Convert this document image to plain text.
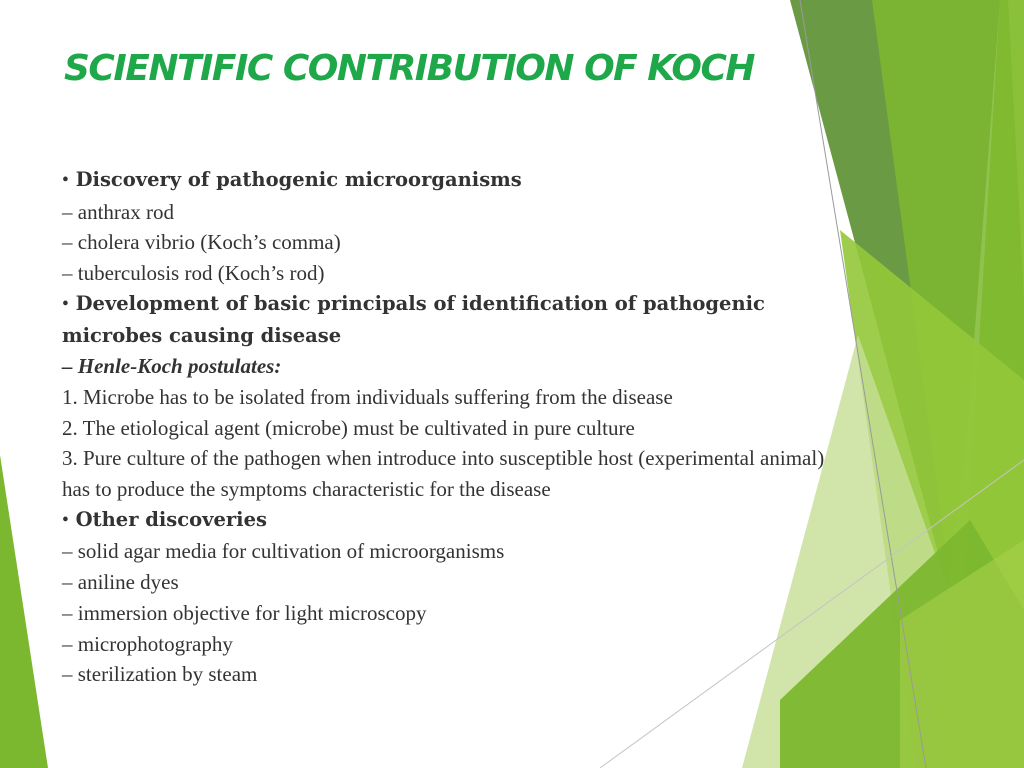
SCIENTIFIC CONTRIBUTION OF KOCH
• Discovery of pathogenic microorganisms
– anthrax rod
– cholera vibrio (Koch’s comma)
– tuberculosis rod (Koch’s rod)
• Development of basic principals of identification of pathogenic microbes causing disease
– Henle-Koch postulates:
1. Microbe has to be isolated from individuals suffering from the disease
2. The etiological agent (microbe) must be cultivated in pure culture
3. Pure culture of the pathogen when introduce into susceptible host (experimental animal) has to produce the symptoms characteristic for the disease
• Other discoveries
– solid agar media for cultivation of microorganisms
– aniline dyes
– immersion objective for light microscopy
– microphotography
– sterilization by steam
